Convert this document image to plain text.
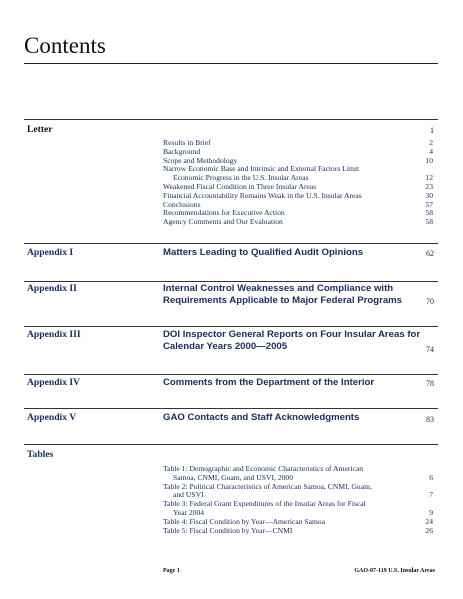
Contents
Letter	1
Results in Brief	2
Background	4
Scope and Methodology	10
Narrow Economic Base and Intrinsic and External Factors Limit
Economic Progress in the U.S. Insular Areas	12
Weakened Fiscal Condition in Three Insular Areas	23
Financial Accountability Remains Weak in the U.S. Insular Areas	30
Conclusions	57
Recommendations for Executive Action	58
Agency Comments and Our Evaluation	58
Appendix I	Matters Leading to Qualified Audit Opinions	62
Appendix II	Internal Control Weaknesses and Compliance with Requirements Applicable to Major Federal Programs	70
Appendix III	DOI Inspector General Reports on Four Insular Areas for Calendar Years 2000—2005	74
Appendix IV	Comments from the Department of the Interior	78
Appendix V	GAO Contacts and Staff Acknowledgments	83
Tables
Table 1: Demographic and Economic Characteristics of American
Samoa, CNMI, Guam, and USVI, 2000	6
Table 2: Political Characteristics of American Samoa, CNMI, Guam,
and USVI	7
Table 3: Federal Grant Expenditures of the Insular Areas for Fiscal
Year 2004	9
Table 4: Fiscal Condition by Year—American Samoa	24
Table 5: Fiscal Condition by Year—CNMI	26
Page 1	GAO-07-119 U.S. Insular Areas
